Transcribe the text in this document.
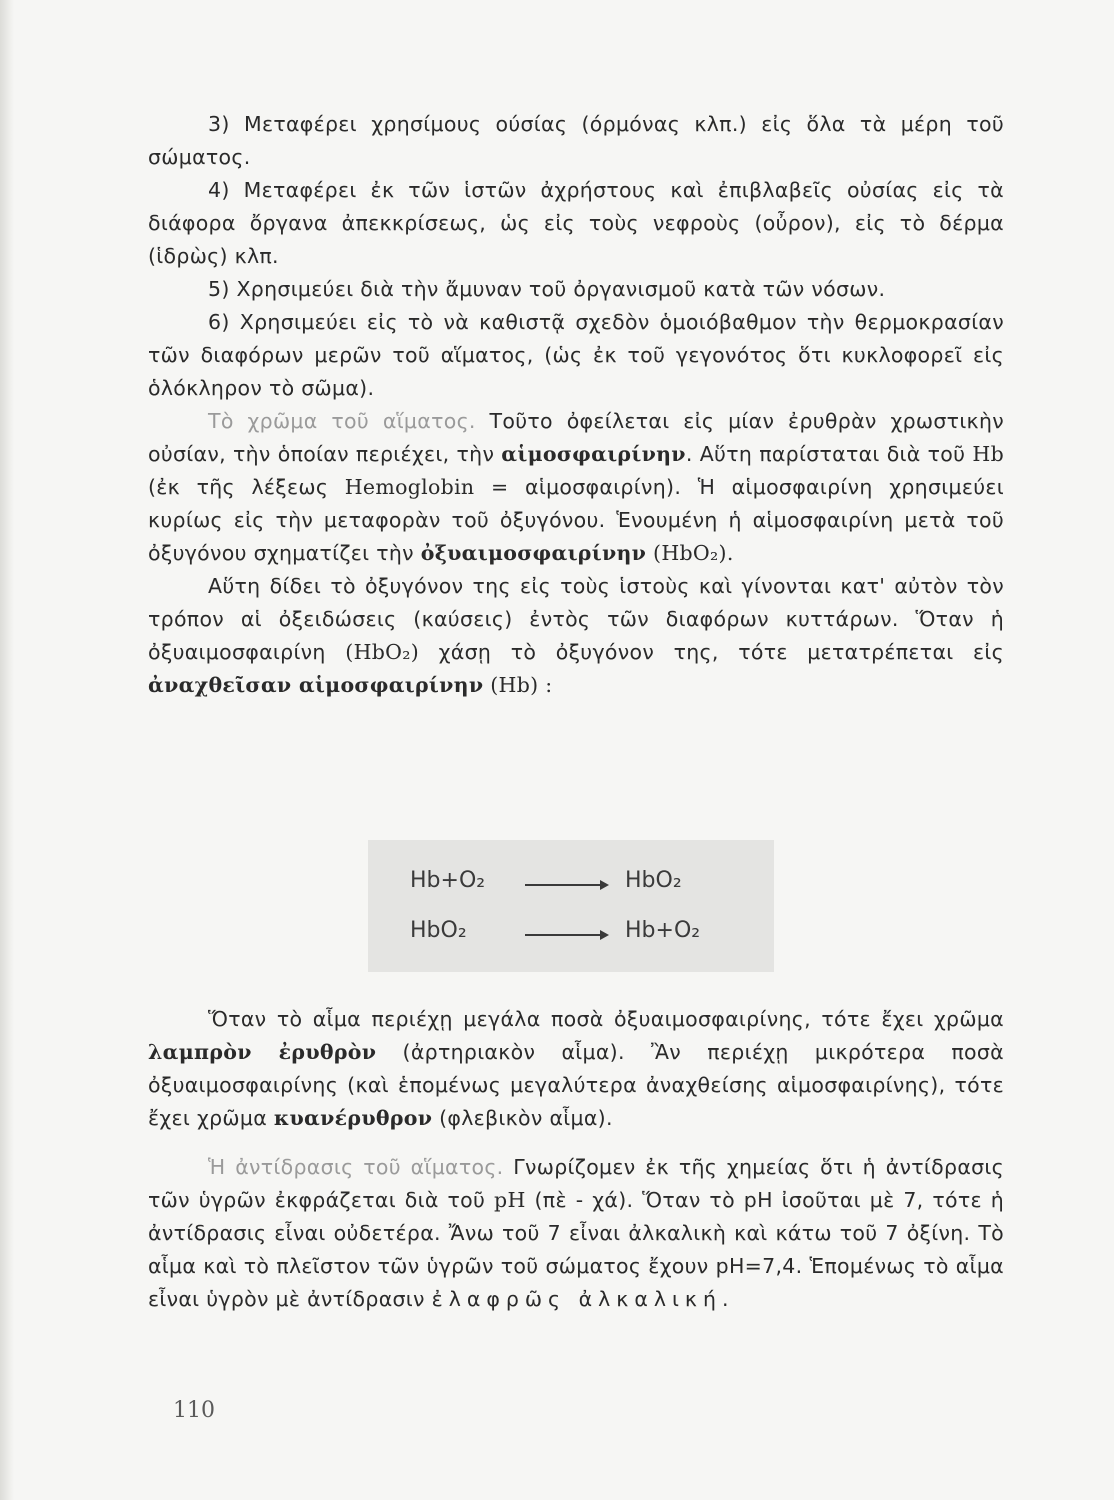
3) Μεταφέρει χρησίμους ούσίας (όρμόνας κλπ.) εἰς ὅλα τὰ μέρη τοῦ σώματος.

4) Μεταφέρει ἐκ τῶν ἱστῶν ἀχρήστους καὶ ἐπιβλαβεῖς οὐσίας εἰς τὰ διάφορα ὄργανα ἀπεκκρίσεως, ὡς εἰς τοὺς νεφροὺς (οὖρον), εἰς τὸ δέρμα (ἱδρὼς) κλπ.

5) Χρησιμεύει διὰ τὴν ἄμυναν τοῦ ὀργανισμοῦ κατὰ τῶν νόσων.

6) Χρησιμεύει εἰς τὸ νὰ καθιστᾷ σχεδὸν ὁμοιόβαθμον τὴν θερμοκρασίαν τῶν διαφόρων μερῶν τοῦ αἵματος, (ὡς ἐκ τοῦ γεγονότος ὅτι κυκλοφορεῖ εἰς ὁλόκληρον τὸ σῶμα).

Τὸ χρῶμα τοῦ αἵματος. Τοῦτο ὀφείλεται εἰς μίαν ἐρυθρὰν χρωστικὴν οὐσίαν, τὴν ὁποίαν περιέχει, τὴν αἱμοσφαιρίνην. Αὕτη παρίσταται διὰ τοῦ Hb (ἐκ τῆς λέξεως Hemoglobin = αἱμοσφαιρίνη). Ἡ αἱμοσφαιρίνη χρησιμεύει κυρίως εἰς τὴν μεταφορὰν τοῦ ὀξυγόνου. Ἑνουμένη ἡ αἱμοσφαιρίνη μετὰ τοῦ ὀξυγόνου σχηματίζει τὴν ὀξυαιμοσφαιρίνην (HbO₂).

Αὕτη δίδει τὸ ὀξυγόνον της εἰς τοὺς ἱστοὺς καὶ γίνονται κατ' αὐτὸν τὸν τρόπον αἱ ὀξειδώσεις (καύσεις) ἐντὸς τῶν διαφόρων κυττάρων. Ὅταν ἡ ὀξυαιμοσφαιρίνη (HbO₂) χάσῃ τὸ ὀξυγόνον της, τότε μετατρέπεται εἰς ἀναχθεῖσαν αἱμοσφαιρίνην (Hb) :

Hb+O₂	HbO₂
HbO₂	Hb+O₂

Ὅταν τὸ αἷμα περιέχῃ μεγάλα ποσὰ ὀξυαιμοσφαιρίνης, τότε ἔχει χρῶμα λαμπρὸν ἐρυθρὸν (ἀρτηριακὸν αἷμα). Ἂν περιέχῃ μικρότερα ποσὰ ὀξυαιμοσφαιρίνης (καὶ ἑπομένως μεγαλύτερα ἀναχθείσης αἱμοσφαιρίνης), τότε ἔχει χρῶμα κυανέρυθρον (φλεβικὸν αἷμα).

Ἡ ἀντίδρασις τοῦ αἵματος. Γνωρίζομεν ἐκ τῆς χημείας ὅτι ἡ ἀντίδρασις τῶν ὑγρῶν ἐκφράζεται διὰ τοῦ pH (πὲ - χά). Ὅταν τὸ pH ἰσοῦται μὲ 7, τότε ἡ ἀντίδρασις εἶναι οὐδετέρα. Ἄνω τοῦ 7 εἶναι ἀλκαλικὴ καὶ κάτω τοῦ 7 ὀξίνη. Τὸ αἷμα καὶ τὸ πλεῖστον τῶν ὑγρῶν τοῦ σώματος ἔχουν pH=7,4. Ἑπομένως τὸ αἷμα εἶναι ὑγρὸν μὲ ἀντίδρασιν ἐλαφρῶς ἀλκαλική.

110
